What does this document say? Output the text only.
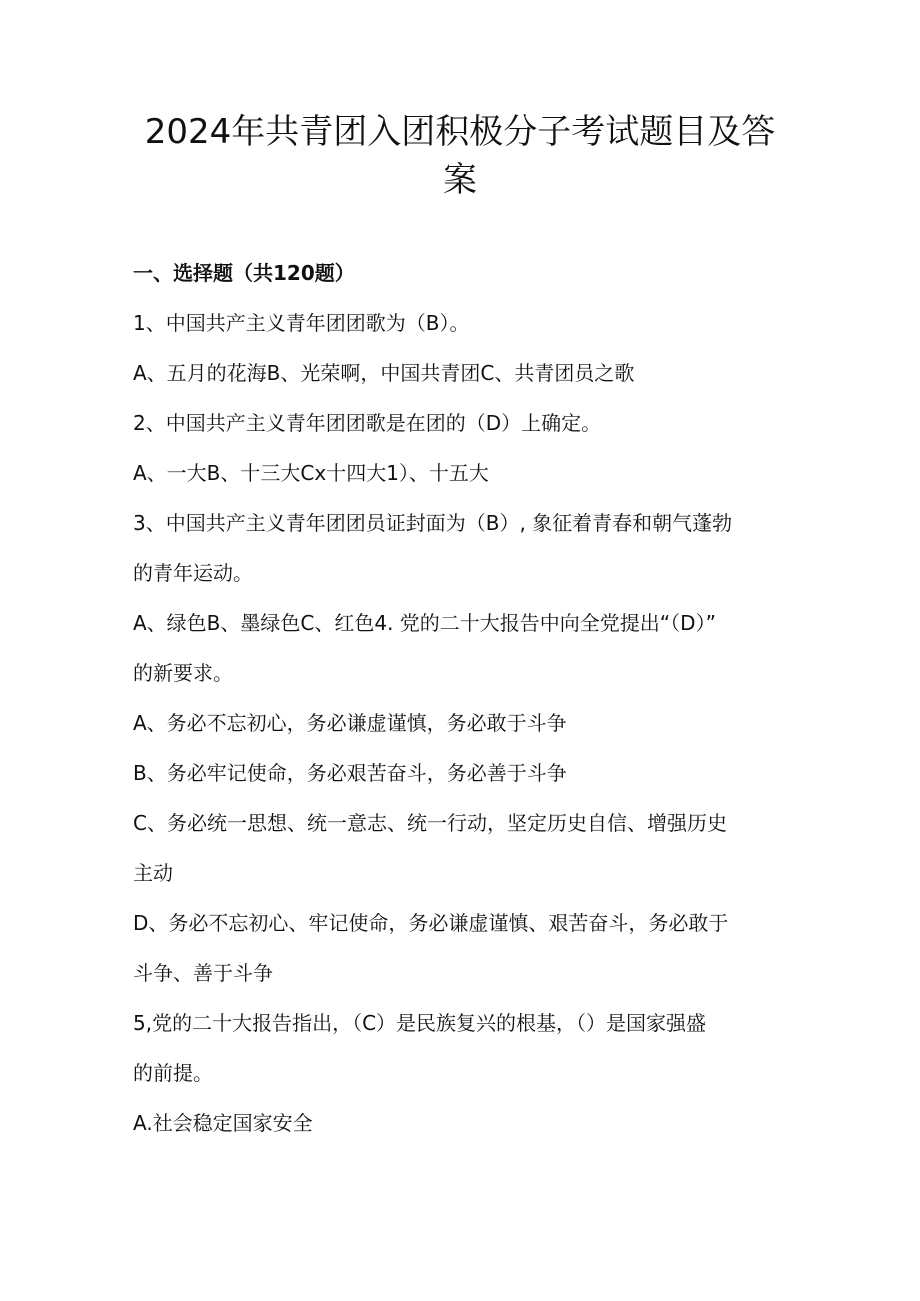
2024年共青团入团积极分子考试题目及答
案
一、选择题（共120题）
1、中国共产主义青年团团歌为（B）。
A、五月的花海B、光荣啊，中国共青团C、共青团员之歌
2、中国共产主义青年团团歌是在团的（D）上确定。
A、一大B、十三大Cx十四大1）、十五大
3、中国共产主义青年团团员证封面为（B）, 象征着青春和朝气蓬勃
的青年运动。
A、绿色B、墨绿色C、红色4. 党的二十大报告中向全党提出“（D）”
的新要求。
A、务必不忘初心，务必谦虚谨慎，务必敢于斗争
B、务必牢记使命，务必艰苦奋斗，务必善于斗争
C、务必统一思想、统一意志、统一行动，坚定历史自信、增强历史
主动
D、务必不忘初心、牢记使命，务必谦虚谨慎、艰苦奋斗，务必敢于
斗争、善于斗争
5,党的二十大报告指出，（C）是民族复兴的根基，（）是国家强盛
的前提。
A.社会稳定国家安全
